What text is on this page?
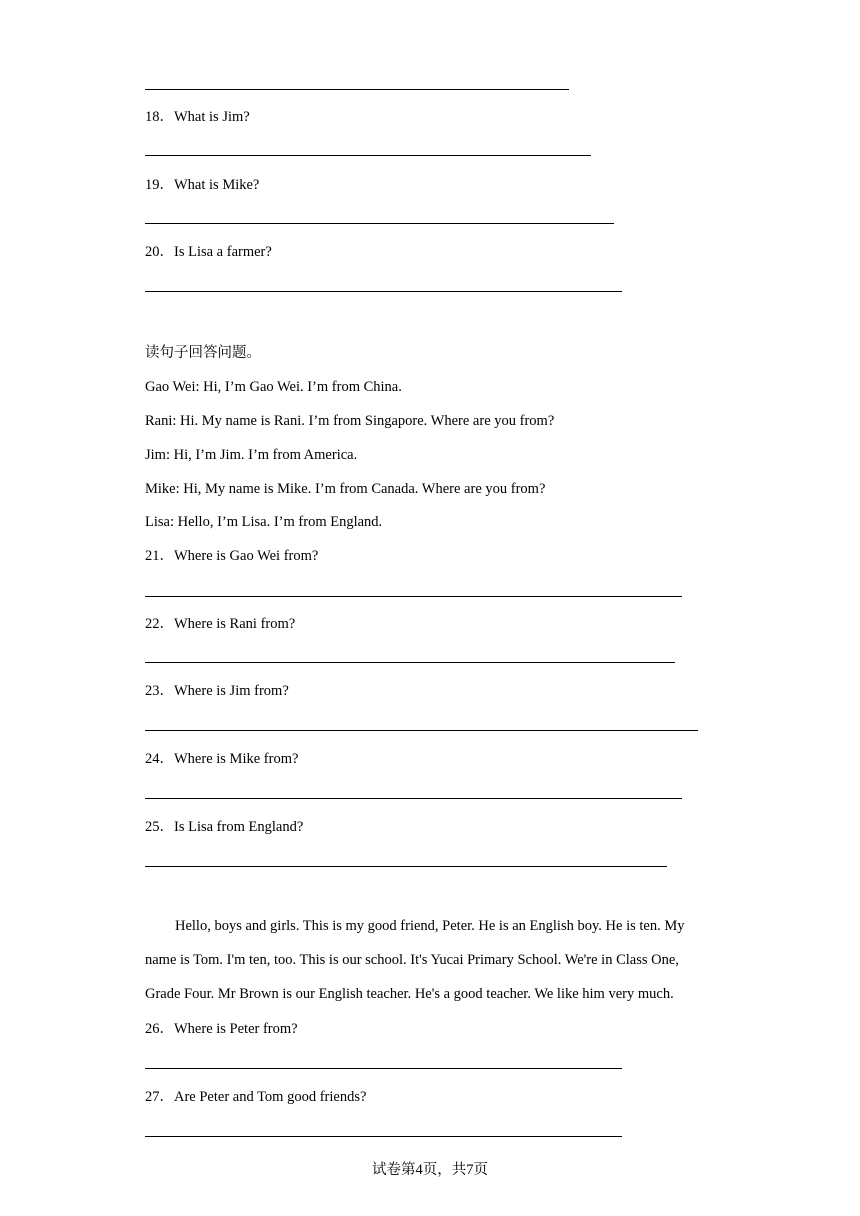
18．What is Jim?
19．What is Mike?
20．Is Lisa a farmer?
读句子回答问题。
Gao Wei: Hi, I’m Gao Wei. I’m from China.
Rani: Hi. My name is Rani. I’m from Singapore. Where are you from?
Jim: Hi, I’m Jim. I’m from America.
Mike: Hi, My name is Mike. I’m from Canada. Where are you from?
Lisa: Hello, I’m Lisa. I’m from England.
21．Where is Gao Wei from?
22．Where is Rani from?
23．Where is Jim from?
24．Where is Mike from?
25．Is Lisa from England?
Hello, boys and girls. This is my good friend, Peter. He is an English boy. He is ten. My
name is Tom. I'm ten, too. This is our school. It's Yucai Primary School. We're in Class One,
Grade Four. Mr Brown is our English teacher. He's a good teacher. We like him very much.
26．Where is Peter from?
27．Are Peter and Tom good friends?
试卷第4页，共7页
